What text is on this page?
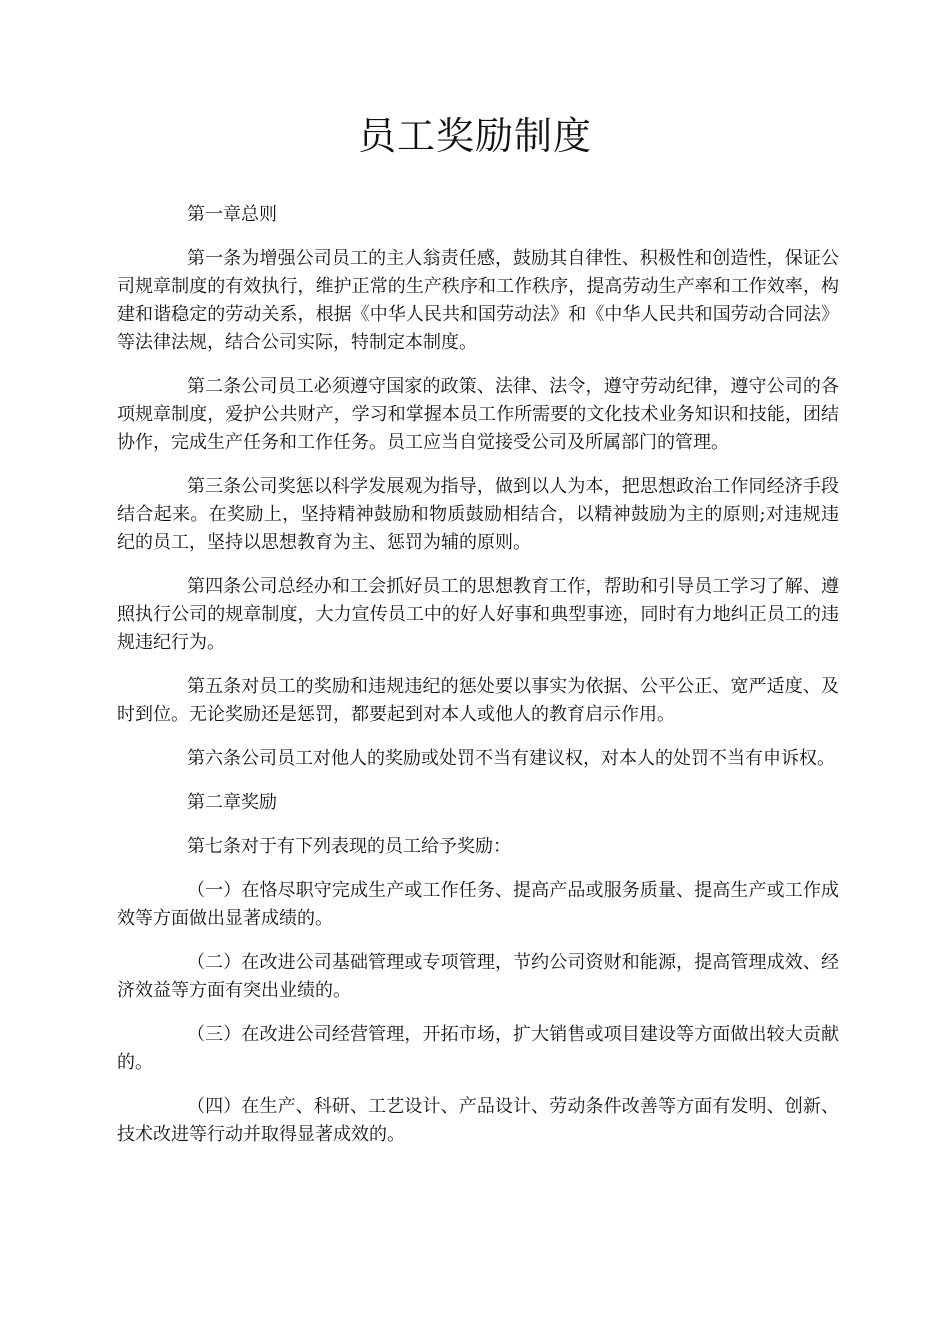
员工奖励制度

第一章总则

第一条为增强公司员工的主人翁责任感，鼓励其自律性、积极性和创造性，保证公司规章制度的有效执行，维护正常的生产秩序和工作秩序，提高劳动生产率和工作效率，构建和谐稳定的劳动关系，根据《中华人民共和国劳动法》和《中华人民共和国劳动合同法》等法律法规，结合公司实际，特制定本制度。

第二条公司员工必须遵守国家的政策、法律、法令，遵守劳动纪律，遵守公司的各项规章制度，爱护公共财产，学习和掌握本员工作所需要的文化技术业务知识和技能，团结协作，完成生产任务和工作任务。员工应当自觉接受公司及所属部门的管理。

第三条公司奖惩以科学发展观为指导，做到以人为本，把思想政治工作同经济手段结合起来。在奖励上，坚持精神鼓励和物质鼓励相结合，以精神鼓励为主的原则;对违规违纪的员工，坚持以思想教育为主、惩罚为辅的原则。

第四条公司总经办和工会抓好员工的思想教育工作，帮助和引导员工学习了解、遵照执行公司的规章制度，大力宣传员工中的好人好事和典型事迹，同时有力地纠正员工的违规违纪行为。

第五条对员工的奖励和违规违纪的惩处要以事实为依据、公平公正、宽严适度、及时到位。无论奖励还是惩罚，都要起到对本人或他人的教育启示作用。

第六条公司员工对他人的奖励或处罚不当有建议权，对本人的处罚不当有申诉权。

第二章奖励

第七条对于有下列表现的员工给予奖励：

（一）在恪尽职守完成生产或工作任务、提高产品或服务质量、提高生产或工作成效等方面做出显著成绩的。

（二）在改进公司基础管理或专项管理，节约公司资财和能源，提高管理成效、经济效益等方面有突出业绩的。

（三）在改进公司经营管理，开拓市场，扩大销售或项目建设等方面做出较大贡献的。

（四）在生产、科研、工艺设计、产品设计、劳动条件改善等方面有发明、创新、技术改进等行动并取得显著成效的。
